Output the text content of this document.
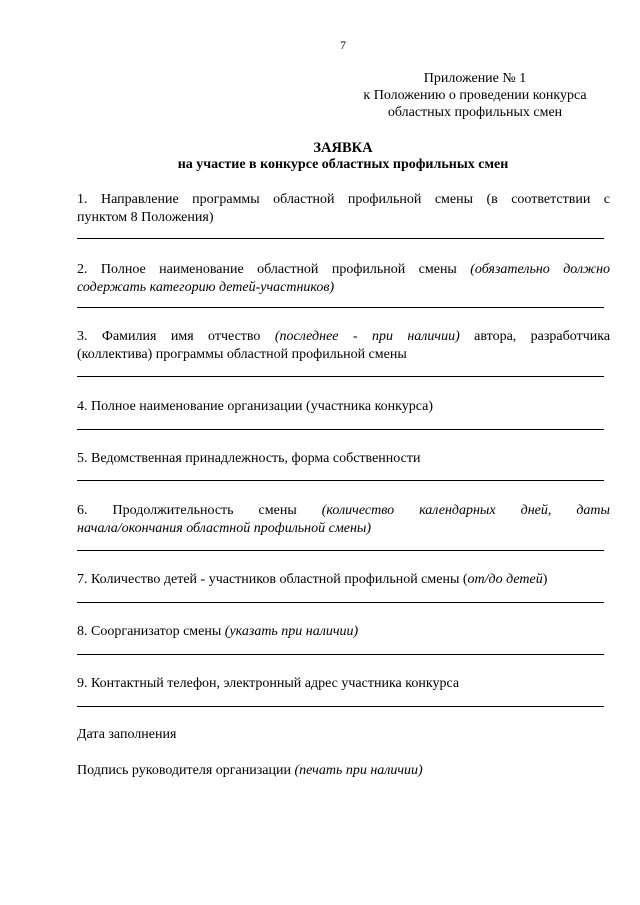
7
Приложение № 1
к Положению о проведении конкурса
областных профильных смен
ЗАЯВКА
на участие в конкурсе областных профильных смен
1. Направление программы областной профильной смены (в соответствии с
пунктом 8 Положения)
2. Полное наименование областной профильной смены (обязательно должно
содержать категорию детей-участников)
3. Фамилия имя отчество (последнее - при наличии) автора, разработчика
(коллектива) программы областной профильной смены
4. Полное наименование организации (участника конкурса)
5. Ведомственная принадлежность, форма собственности
6. Продолжительность смены (количество календарных дней, даты
начала/окончания областной профильной смены)
7. Количество детей - участников областной профильной смены (от/до детей)
8. Соорганизатор смены (указать при наличии)
9. Контактный телефон, электронный адрес участника конкурса
Дата заполнения
Подпись руководителя организации (печать при наличии)
